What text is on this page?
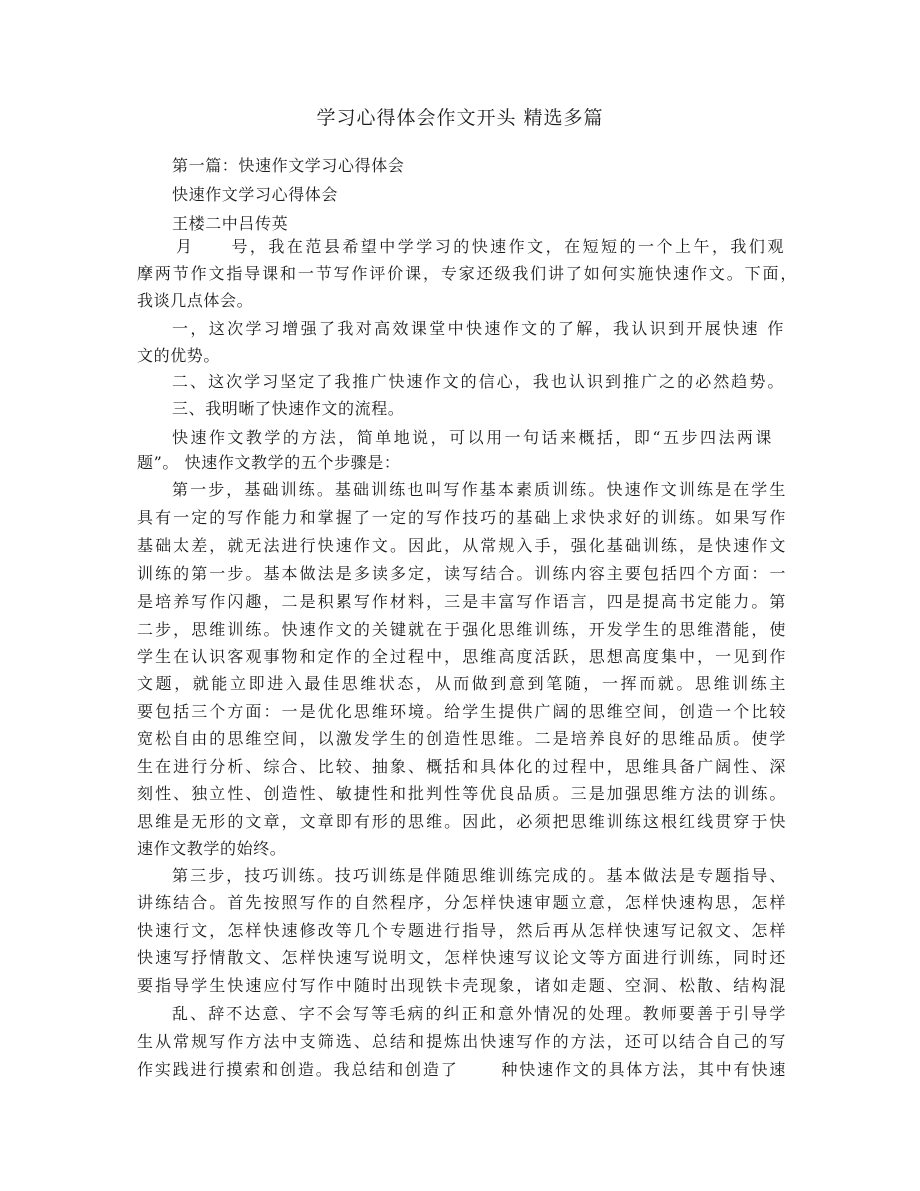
学习心得体会作文开头 精选多篇
第一篇：快速作文学习心得体会
快速作文学习心得体会
王楼二中吕传英
月　　号，我在范县希望中学学习的快速作文，在短短的一个上午，我们观
摩两节作文指导课和一节写作评价课，专家还级我们讲了如何实施快速作文。下面，
我谈几点体会。
一，这次学习增强了我对高效课堂中快速作文的了解，我认识到开展快速 作
文的优势。
二、这次学习坚定了我推广快速作文的信心，我也认识到推广之的必然趋势。
三、我明晰了快速作文的流程。
快速作文教学的方法，简单地说，可以用一句话来概括，即“五步四法两课
题”。 快速作文教学的五个步骤是：
第一步，基础训练。基础训练也叫写作基本素质训练。快速作文训练是在学生
具有一定的写作能力和掌握了一定的写作技巧的基础上求快求好的训练。如果写作
基础太差，就无法进行快速作文。因此，从常规入手，强化基础训练，是快速作文
训练的第一步。基本做法是多读多定，读写结合。训练内容主要包括四个方面：一
是培养写作闪趣，二是积累写作材料，三是丰富写作语言，四是提高书定能力。第
二步，思维训练。快速作文的关键就在于强化思维训练，开发学生的思维潜能，使
学生在认识客观事物和定作的全过程中，思维高度活跃，思想高度集中，一见到作
文题，就能立即进入最佳思维状态，从而做到意到笔随，一挥而就。思维训练主
要包括三个方面：一是优化思维环境。给学生提供广阔的思维空间，创造一个比较
宽松自由的思维空间，以激发学生的创造性思维。二是培养良好的思维品质。使学
生在进行分析、综合、比较、抽象、概括和具体化的过程中，思维具备广阔性、深
刻性、独立性、创造性、敏捷性和批判性等优良品质。三是加强思维方法的训练。
思维是无形的文章，文章即有形的思维。因此，必须把思维训练这根红线贯穿于快
速作文教学的始终。
第三步，技巧训练。技巧训练是伴随思维训练完成的。基本做法是专题指导、
讲练结合。首先按照写作的自然程序，分怎样快速审题立意，怎样快速构思，怎样
快速行文，怎样快速修改等几个专题进行指导，然后再从怎样快速写记叙文、怎样
快速写抒情散文、怎样快速写说明文，怎样快速写议论文等方面进行训练，同时还
要指导学生快速应付写作中随时出现铁卡壳现象，诸如走题、空洞、松散、结构混
乱、辞不达意、字不会写等毛病的纠正和意外情况的处理。教师要善于引导学
生从常规写作方法中支筛选、总结和提炼出快速写作的方法，还可以结合自己的写
作实践进行摸索和创造。我总结和创造了　　 种快速作文的具体方法，其中有快速
